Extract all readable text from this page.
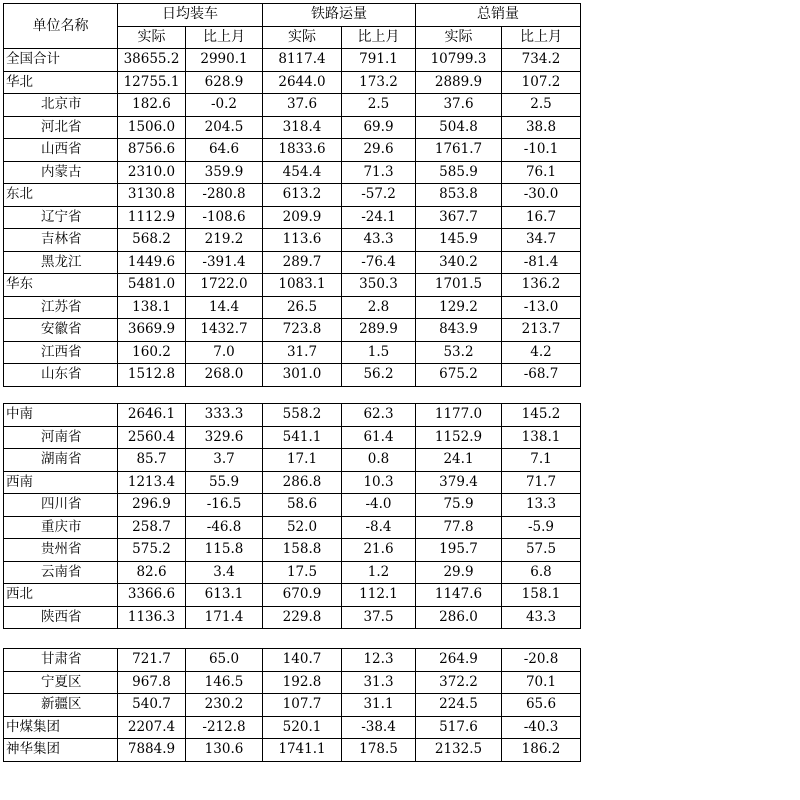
单位名称	日均装车		铁路运量		总销量	
	实际	比上月	实际	比上月	实际	比上月
全国合计	38655.2	2990.1	8117.4	791.1	10799.3	734.2
华北	12755.1	628.9	2644.0	173.2	2889.9	107.2
北京市	182.6	-0.2	37.6	2.5	37.6	2.5
河北省	1506.0	204.5	318.4	69.9	504.8	38.8
山西省	8756.6	64.6	1833.6	29.6	1761.7	-10.1
内蒙古	2310.0	359.9	454.4	71.3	585.9	76.1
东北	3130.8	-280.8	613.2	-57.2	853.8	-30.0
辽宁省	1112.9	-108.6	209.9	-24.1	367.7	16.7
吉林省	568.2	219.2	113.6	43.3	145.9	34.7
黑龙江	1449.6	-391.4	289.7	-76.4	340.2	-81.4
华东	5481.0	1722.0	1083.1	350.3	1701.5	136.2
江苏省	138.1	14.4	26.5	2.8	129.2	-13.0
安徽省	3669.9	1432.7	723.8	289.9	843.9	213.7
江西省	160.2	7.0	31.7	1.5	53.2	4.2
山东省	1512.8	268.0	301.0	56.2	675.2	-68.7
中南	2646.1	333.3	558.2	62.3	1177.0	145.2
河南省	2560.4	329.6	541.1	61.4	1152.9	138.1
湖南省	85.7	3.7	17.1	0.8	24.1	7.1
西南	1213.4	55.9	286.8	10.3	379.4	71.7
四川省	296.9	-16.5	58.6	-4.0	75.9	13.3
重庆市	258.7	-46.8	52.0	-8.4	77.8	-5.9
贵州省	575.2	115.8	158.8	21.6	195.7	57.5
云南省	82.6	3.4	17.5	1.2	29.9	6.8
西北	3366.6	613.1	670.9	112.1	1147.6	158.1
陕西省	1136.3	171.4	229.8	37.5	286.0	43.3
甘肃省	721.7	65.0	140.7	12.3	264.9	-20.8
宁夏区	967.8	146.5	192.8	31.3	372.2	70.1
新疆区	540.7	230.2	107.7	31.1	224.5	65.6
中煤集团	2207.4	-212.8	520.1	-38.4	517.6	-40.3
神华集团	7884.9	130.6	1741.1	178.5	2132.5	186.2
